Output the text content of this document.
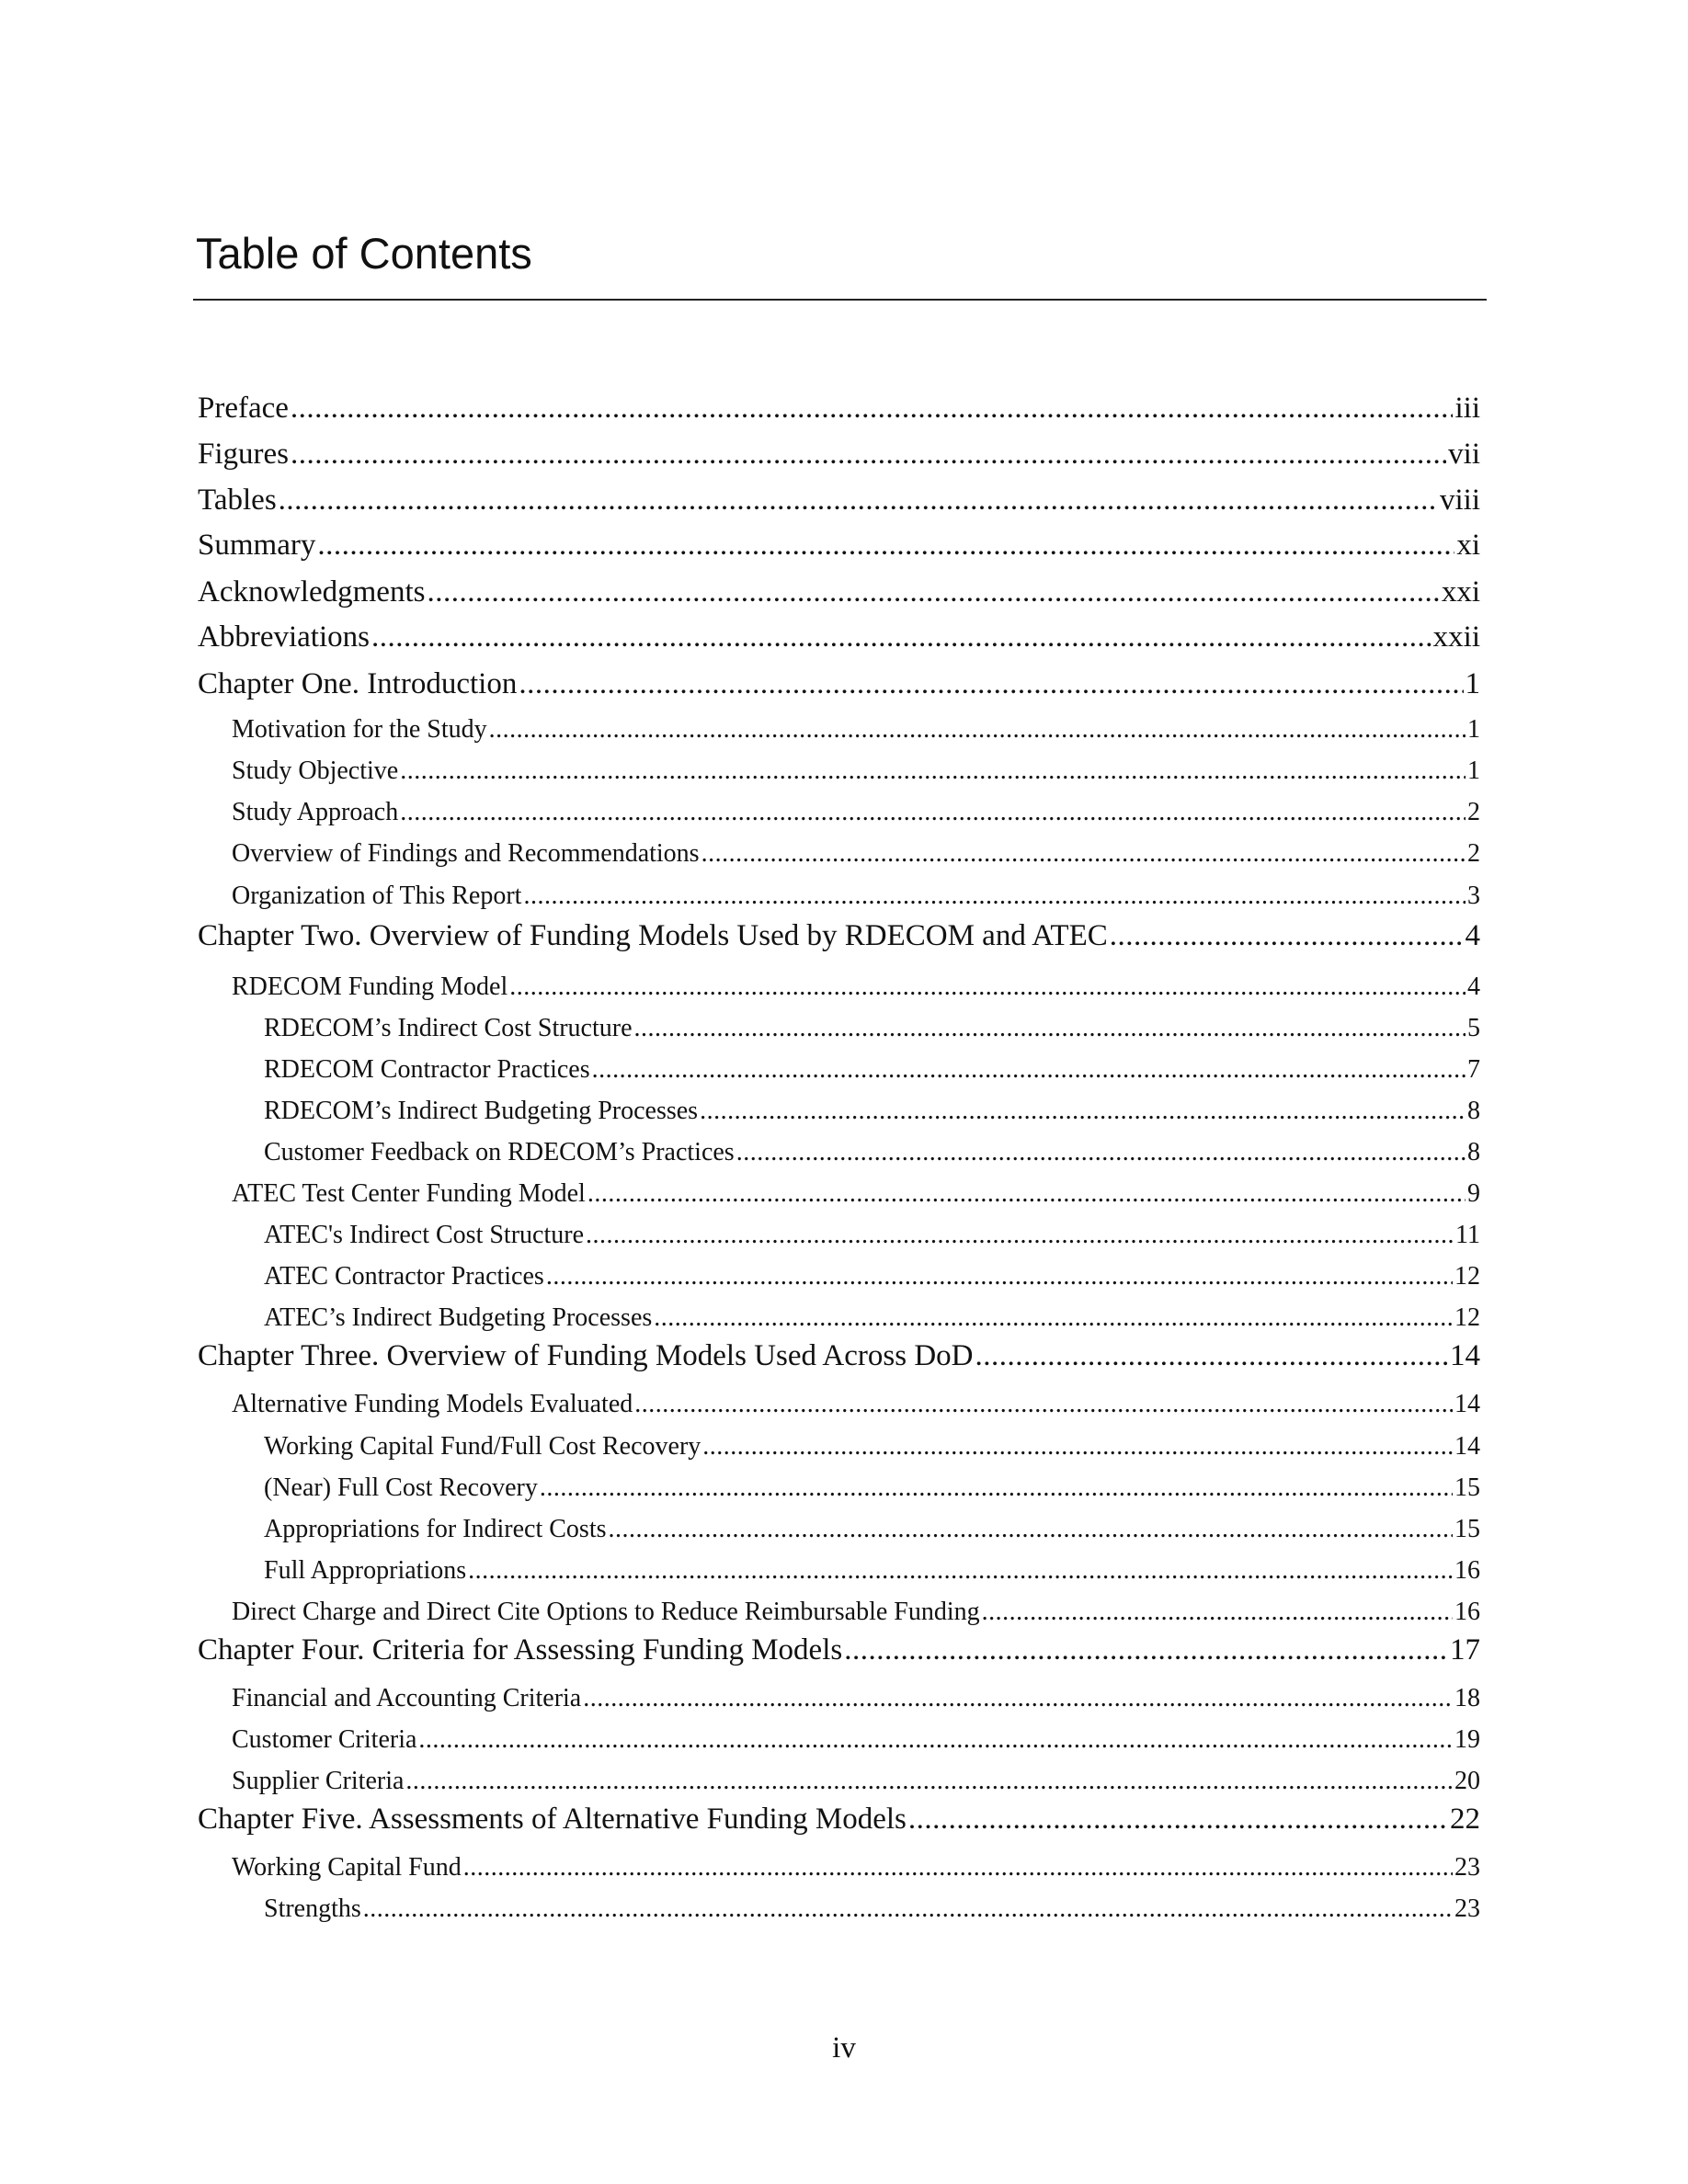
Table of Contents
Preface .....	iii
Figures .....	vii
Tables .....	viii
Summary .....	xi
Acknowledgments .....	xxi
Abbreviations .....	xxii
Chapter One. Introduction .....	1
Motivation for the Study .....	1
Study Objective .....	1
Study Approach .....	2
Overview of Findings and Recommendations .....	2
Organization of This Report .....	3
Chapter Two. Overview of Funding Models Used by RDECOM and ATEC .....	4
RDECOM Funding Model .....	4
RDECOM’s Indirect Cost Structure .....	5
RDECOM Contractor Practices .....	7
RDECOM’s Indirect Budgeting Processes .....	8
Customer Feedback on RDECOM’s Practices .....	8
ATEC Test Center Funding Model .....	9
ATEC's Indirect Cost Structure .....	11
ATEC Contractor Practices .....	12
ATEC’s Indirect Budgeting Processes .....	12
Chapter Three. Overview of Funding Models Used Across DoD .....	14
Alternative Funding Models Evaluated .....	14
Working Capital Fund/Full Cost Recovery .....	14
(Near) Full Cost Recovery .....	15
Appropriations for Indirect Costs .....	15
Full Appropriations .....	16
Direct Charge and Direct Cite Options to Reduce Reimbursable Funding .....	16
Chapter Four. Criteria for Assessing Funding Models .....	17
Financial and Accounting Criteria .....	18
Customer Criteria .....	19
Supplier Criteria .....	20
Chapter Five. Assessments of Alternative Funding Models .....	22
Working Capital Fund .....	23
Strengths .....	23
iv
